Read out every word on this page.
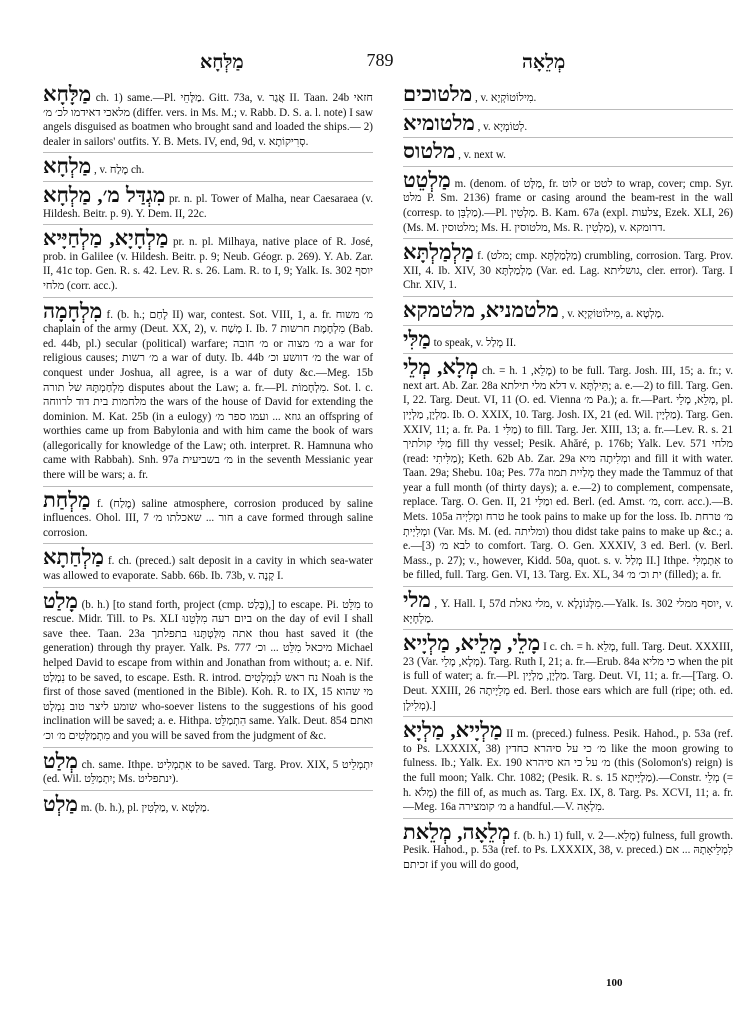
מַלְּחָא	789	מְלֵאָה

מַלָּחָא ch. 1) same.—Pl. מַלָּחֵי. Gitt. 73a, v. אֲגַר II. Taan. 24b חזאי מלאכי דאידמו לכ׳ מ׳ (differ. vers. in Ms. M.; v. Rabb. D. S. a. l. note) I saw angels disguised as boatmen who brought sand and loaded the ships.— 2) dealer in sailors' outfits. Y. B. Mets. IV, end, 9d, v. סְרִיקוֹתָא.

מַלְחָא , v. מֶלַח ch.

מִגְדַּל מ׳, מַלְחָא pr. n. pl. Tower of Malha, near Caesaraea (v. Hildesh. Beitr. p. 9). Y. Dem. II, 22c.

מַלְחָיָא, מַלְחַיָּיא pr. n. pl. Milhaya, native place of R. José, prob. in Galilee (v. Hildesh. Beitr. p. 9; Neub. Géogr. p. 269). Y. Ab. Zar. II, 41c top. Gen. R. s. 42. Lev. R. s. 26. Lam. R. to I, 9; Yalk. Is. 302 יוסף מלחי (corr. acc.).

מִלְחָמָה f. (b. h.; לָחַם II) war, contest. Sot. VIII, 1, a. fr. מ׳ משוח chaplain of the army (Deut. XX, 2), v. מָשַׁח I. Ib. 7 מִלְחֶמֶת חרשות (Bab. ed. 44b, pl.) secular (political) warfare; מ׳ חובה or מ׳ מצוה a war for religious causes; מ׳ רשות a war of duty. Ib. 44b מ׳ דוושע וכ׳ the war of conquest under Joshua, all agree, is a war of duty &c.—Meg. 15b מִלְחַמְתָּהּ של תורה disputes about the Law; a. fr.—Pl. מִלְחָמוֹת. Sot. l. c. מלחמות בית דוד לרווחה the wars of the house of David for extending the dominion. M. Kat. 25b (in a eulogy) גוזא ... ועמו ספר מ׳ an offspring of worthies came up from Babylonia and with him came the book of wars (allegorically for knowledge of the Law; oth. interpret. R. Hamnuna who came with Rabbah). Snh. 97a מ׳ בשביעית in the seventh Messianic year there will be wars; a. fr.

מַלְחַת f. (מֶלַח) saline atmosphere, corrosion produced by saline influences. Ohol. III, 7 חור ... שאכלתו מ׳ a cave formed through saline corrosion.

מַלְחַתָא f. ch. (preced.) salt deposit in a cavity in which sea-water was allowed to evaporate. Sabb. 66b. Ib. 73b, v. קָנָה I.

מָלַט (b. h.) [to stand forth, project (cmp. בָּלַט),] to escape. Pi. מִלֵּט to rescue. Midr. Till. to Ps. XLI ביום רעה מִלְּטֵנוּ on the day of evil I shall save thee. Taan. 23a אתה מִלַּטְתָּנוּ בתפלתך thou hast saved it (the generation) through thy prayer. Yalk. Ps. 777 מיכאל מִלֵּט ... וכ׳ Michael helped David to escape from within and Jonathan from without; a. e. Nif. נִמְלַט to be saved, to escape. Esth. R. introd. נח ראש לנִמְלָטִים Noah is the first of those saved (mentioned in the Bible). Koh. R. to IX, 15 מי שהוא שומע ליצר טוב נִמְלָט who-soever listens to the suggestions of his good inclination will be saved; a. e. Hithpa. הִתְמַלֵּט same. Yalk. Deut. 854 ואתם מִתְמַלְּטִים מ׳ וכ׳ and you will be saved from the judgment of &c.

מְלַט ch. same. Ithpe. אִתְמְלִיט to be saved. Targ. Prov. XIX, 5 יִתְמְלֵיט (ed. Wil. יִתְמַלֵּט; Ms. ינתפליט).

מַלְט m. (b. h.), pl. מַלְטִין, v. מַלְטָא.

מלטוכים , v. מִילוֹטוֹקְיָא.

מלטומיא , v. לְטוֹמְיָא.

מלטוס , v. next w.

מַלְטֵט m. (denom. of מַלָּט, fr. לוט or לטט to wrap, cover; cmp. Syr. מלט P. Sm. 2136) frame or casing around the beam-rest in the wall (corresp. to מַלְבֵּן).—Pl. מַלְטִין. B. Kam. 67a (expl. צלעות, Ezek. XLI, 26) (Ms. M. מלטוסין; Ms. H. מלטוסין, Ms. R. מַלְטִין), v. דרומקא.

מַלְמַלְתָּא f. (מלט; cmp. מַלְמַלְתָּא) crumbling, corrosion. Targ. Prov. XII, 4. Ib. XIV, 30 מַלְמַלְתָּא (Var. ed. Lag. גושליתא, cler. error). Targ. I Chr. XIV, 1.

מלטמניא, מלטמקא , v. מִילוֹטוֹקְיָא, a. מַלְטָא.

מַלִּי to speak, v. מְלַל II.

מְלָא, מְלֵי ch. = h. מָלֵא, 1) to be full. Targ. Josh. III, 15; a. fr.; v. next art. Ab. Zar. 28a דלא מלי תילתא v. תִּילְתָּא; a. e.—2) to fill. Targ. Gen. I, 22. Targ. Deut. VI, 11 (O. ed. Vienna מ׳ Pa.); a. fr.—Part. מְלֵא, מָלֵי, pl. מַלְיָן, מַלְיָין. Ib. O. XXIX, 10. Targ. Josh. IX, 21 (ed. Wil. מַלְיָין). Targ. Gen. XXIV, 11; a. fr. Pa. מַלִּי 1) to fill. Targ. Jer. XIII, 13; a. fr.—Lev. R. s. 21 מַלִּי קולתיך fill thy vessel; Pesik. Ahăré, p. 176b; Yalk. Lev. 571 מלחי (read: מַלִּיתִי); Keth. 62b Ab. Zar. 29a ומְלִיתָה מיא and fill it with water. Taan. 29a; Shebu. 10a; Pes. 77a מְלַיִית תמוז they made the Tammuz of that year a full month (of thirty days); a. e.—2) to complement, compensate, replace. Targ. O. Gen. II, 21 ומַלִּי ed. Berl. (ed. Amst. מ׳, corr. acc.).—B. Mets. 105a טרח ומְלִיְיה he took pains to make up for the loss. Ib. מ׳ טרחת ומְלִיְיתְ (Var. Ms. M. (ed. ומליתה) thou didst take pains to make up &c.; a. e.—[3) לבא מ׳ to comfort. Targ. O. Gen. XXXIV, 3 ed. Berl. (v. Berl. Mass., p. 27); v., however, Kidd. 50a, quot. s. v. מְלַל II.] Ithpe. אִתְמְלִי to be filled, full. Targ. Gen. VI, 13. Targ. Ex. XL, 34 ית וכ׳ מ׳ (filled); a. fr.

מלי , Y. Hall. I, 57d מלי גאלת, v. מִלְּגוֹנְלָא.—Yalk. Is. 302 יוסף ממלי, v. מַלְחָיָא.

מָלֵי, מָלֵיא, מַלְיָיא I c. ch. = h. מָלֵא, full. Targ. Deut. XXXIII, 23 (Var. מְלָא, מָלֵי). Targ. Ruth I, 21; a. fr.—Erub. 84a כי מליא when the pit is full of water; a. fr.—Pl. מַלְיָן, מַלְיָין. Targ. Deut. VI, 11; a. fr.—[Targ. O. Deut. XXIII, 26 מְלֵיָיתָה ed. Berl. those ears which are full (ripe; oth. ed. מְלִילָן).]

מַלְיָיא, מַלְיָא II m. (preced.) fulness. Pesik. Hahod., p. 53a (ref. to Ps. LXXXIX, 38) מ׳ כי על סיהרא כחדין like the moon growing to fulness. Ib.; Yalk. Ex. 190 מ׳ על כי הא סיהרא (this (Solomon's) reign) is the full moon; Yalk. Chr. 1082; (Pesik. R. s. 15 מַלְיָיתָא).—Constr. מְלֵי (= h. מְלֹא) the fill of, as much as. Targ. Ex. IX, 8. Targ. Ps. XCVI, 11; a. fr.—Meg. 16a מ׳ קומצירה a handful.—V. מִלְאָה.

מְלֵאָה, מְלֵאת f. (b. h.) 1) full, v. מָלֵא.—2) fulness, full growth. Pesik. Hahod., p. 53a (ref. to Ps. LXXXIX, 38, v. preced.) לִמְלֵיאָתָהּ ... אם זכיתם if you will do good,

100
